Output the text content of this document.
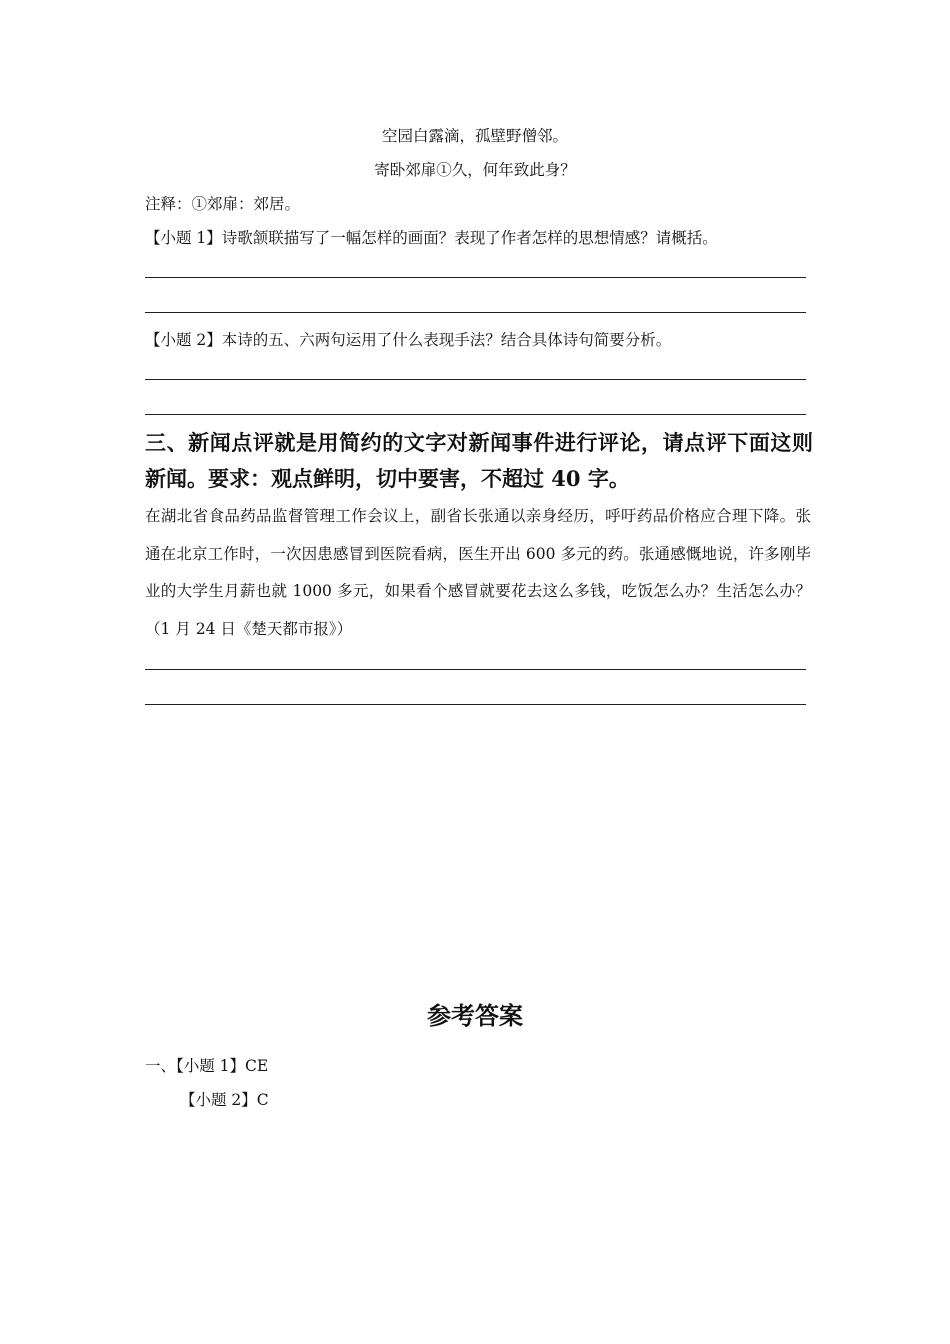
空园白露滴，孤壁野僧邻。
寄卧郊扉①久，何年致此身？
注释：①郊扉：郊居。
【小题 1】诗歌颔联描写了一幅怎样的画面？表现了作者怎样的思想情感？请概括。
【小题 2】本诗的五、六两句运用了什么表现手法？结合具体诗句简要分析。
三、新闻点评就是用简约的文字对新闻事件进行评论，请点评下面这则新闻。要求：观点鲜明，切中要害，不超过 40 字。
在湖北省食品药品监督管理工作会议上，副省长张通以亲身经历，呼吁药品价格应合理下降。张通在北京工作时，一次因患感冒到医院看病，医生开出 600 多元的药。张通感慨地说，许多刚毕业的大学生月薪也就 1000 多元，如果看个感冒就要花去这么多钱，吃饭怎么办？生活怎么办？（1 月 24 日《楚天都市报》）
参考答案
一、【小题 1】CE
【小题 2】C
